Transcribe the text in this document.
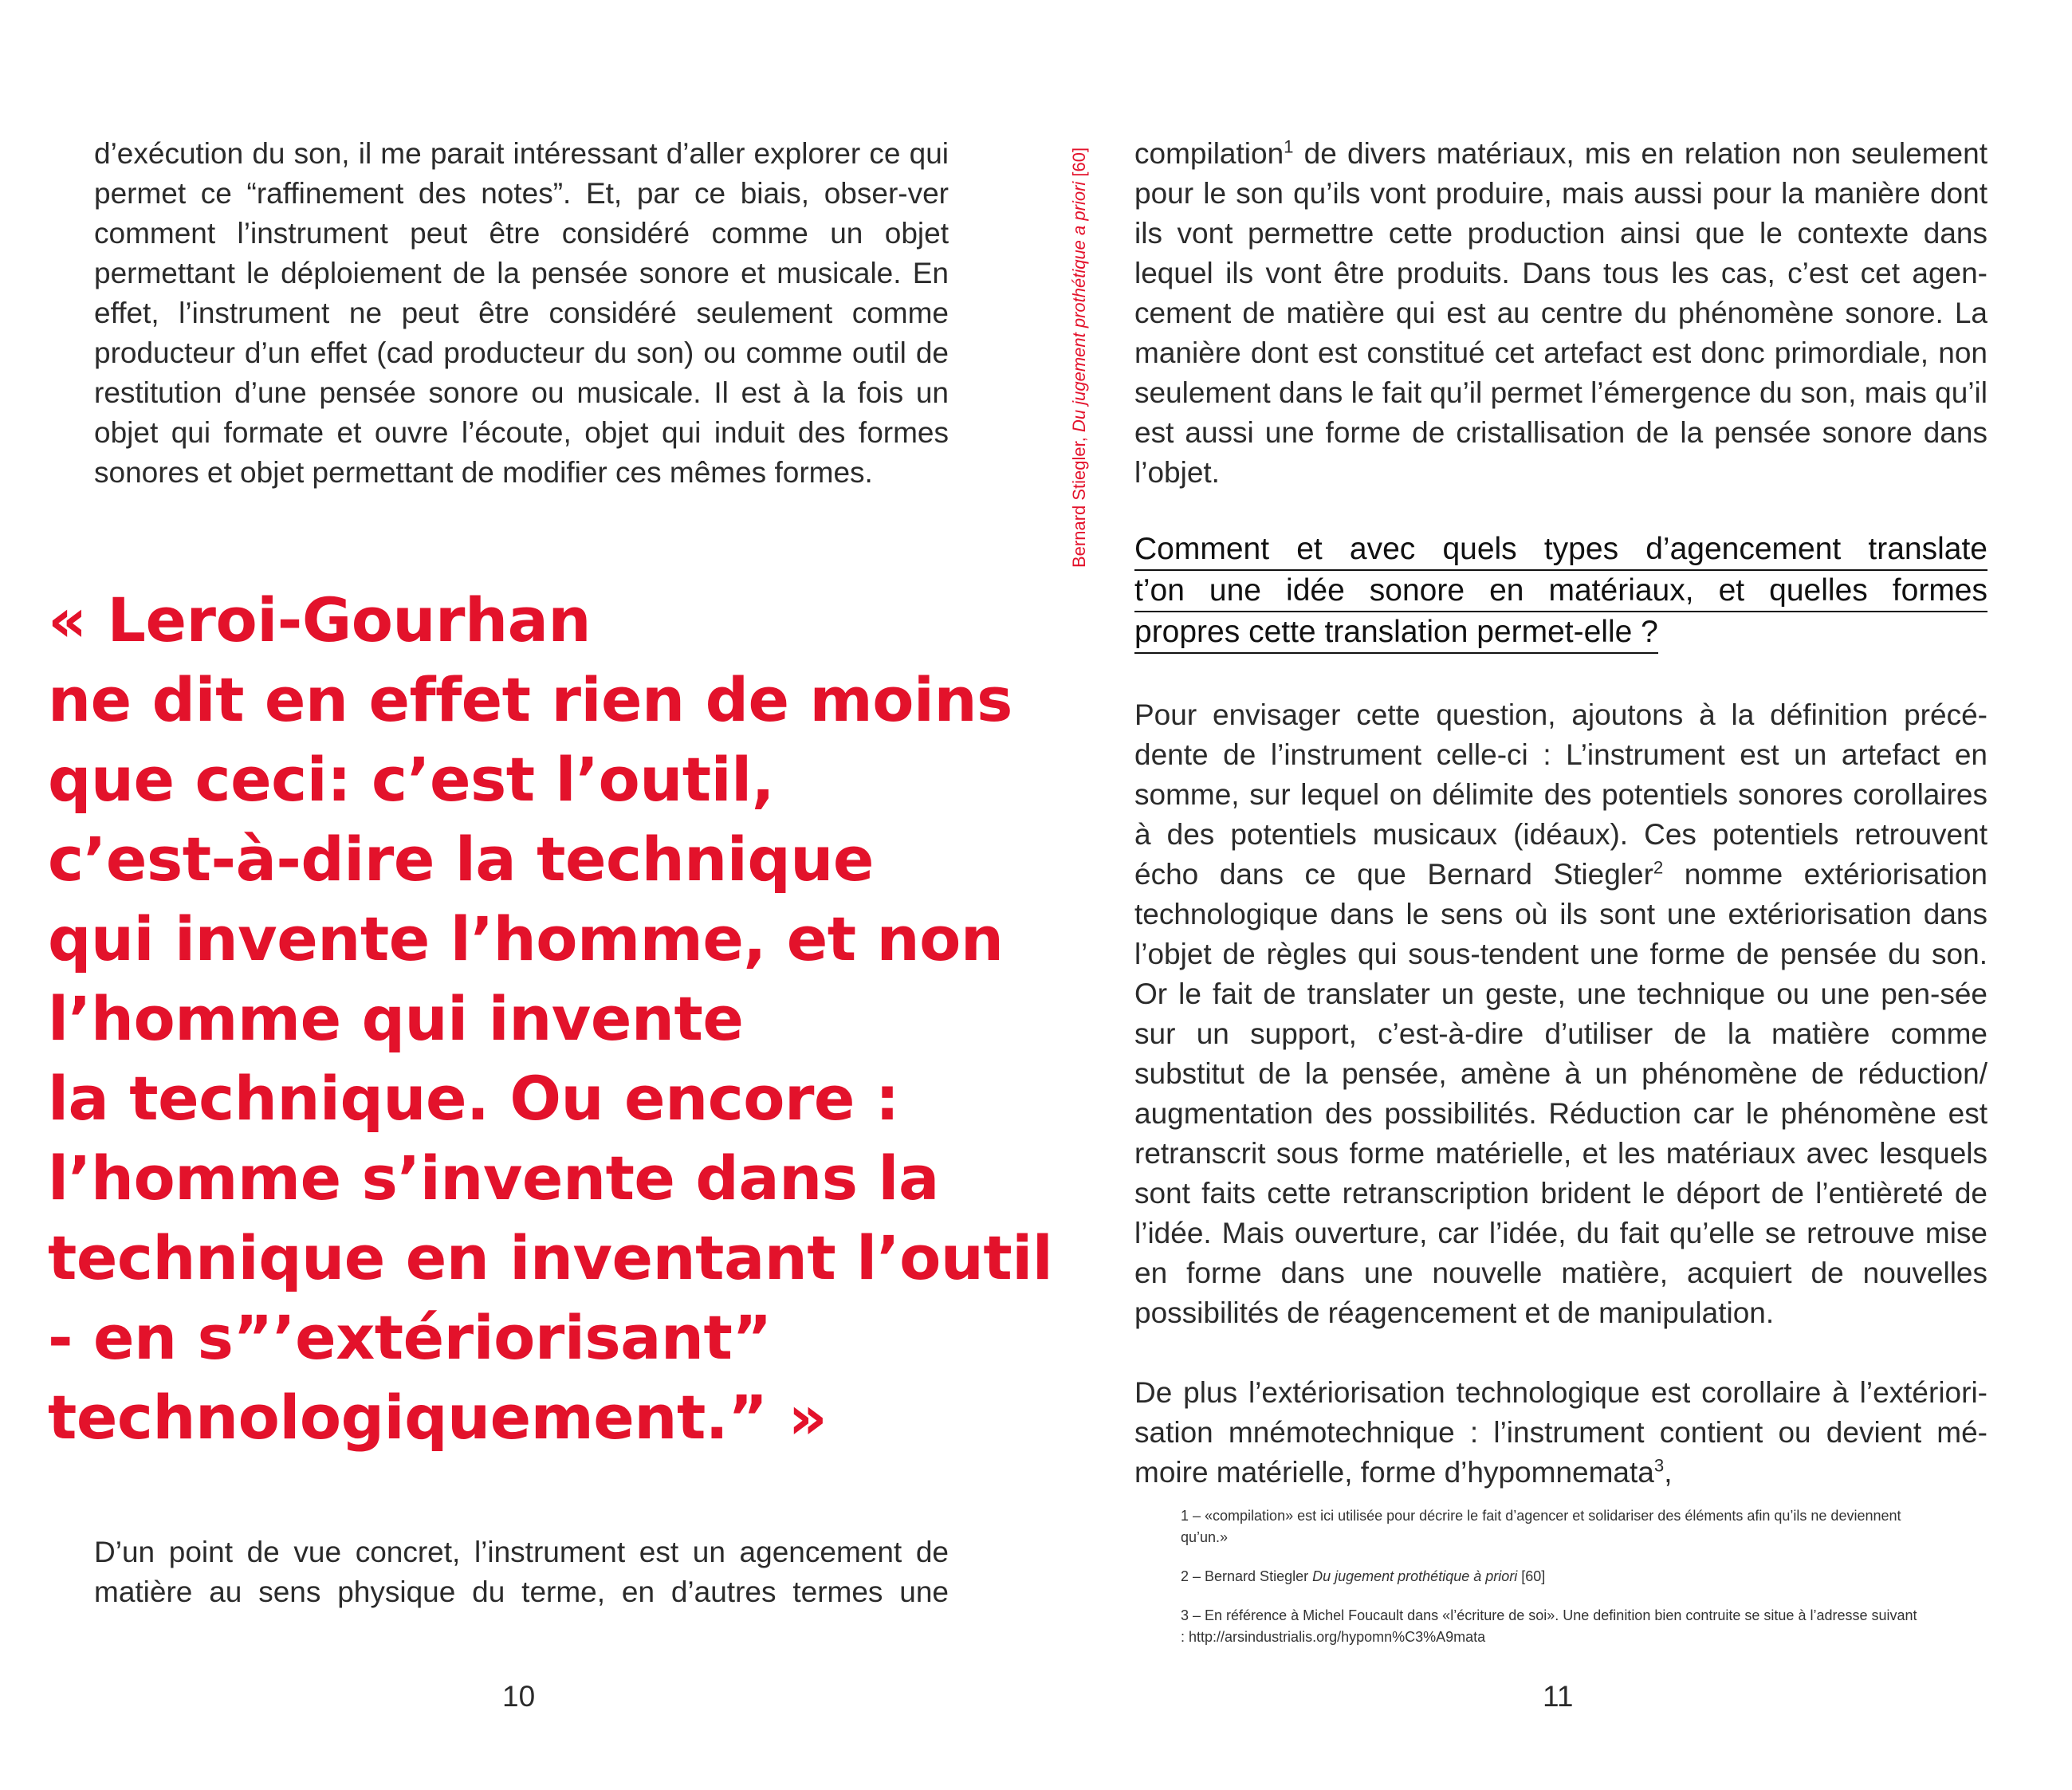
d’exécution du son, il me parait intéressant d’aller explorer ce qui permet ce “raffinement des notes”. Et, par ce biais, obser-ver comment l’instrument peut être considéré comme un objet permettant le déploiement de la pensée sonore et musicale. En effet, l’instrument ne peut être considéré seulement comme producteur d’un effet (cad producteur du son) ou comme outil de restitution d’une pensée sonore ou musicale. Il est à la fois un objet qui formate et ouvre l’écoute, objet qui induit des formes sonores et objet permettant de modifier ces mêmes formes.

« Leroi-Gourhan
ne dit en effet rien de moins
que ceci: c’est l’outil,
c’est-à-dire la technique
qui invente l’homme, et non
l’homme qui invente
la technique. Ou encore :
l’homme s’invente dans la
technique en inventant l’outil
- en s”’extériorisant”
technologiquement.” »

D’un point de vue concret, l’instrument est un agencement de matière au sens physique du terme, en d’autres termes une

10
Bernard Stiegler, Du jugement prothétique a priori [60] compilation$^1$ de divers matériaux, mis en relation non seulement pour le son qu’ils vont produire, mais aussi pour la manière dont ils vont permettre cette production ainsi que le contexte dans lequel ils vont être produits. Dans tous les cas, c’est cet agen-cement de matière qui est au centre du phénomène sonore. La manière dont est constitué cet artefact est donc primordiale, non seulement dans le fait qu’il permet l’émergence du son, mais qu’il est aussi une forme de cristallisation de la pensée sonore dans l’objet.

Comment et avec quels types d’agencement translate
t’on une idée sonore en matériaux, et quelles formes
propres cette translation permet-elle ?

Pour envisager cette question, ajoutons à la définition précé-dente de l’instrument celle-ci : L’instrument est un artefact en somme, sur lequel on délimite des potentiels sonores corollaires à des potentiels musicaux (idéaux). Ces potentiels retrouvent écho dans ce que Bernard Stiegler$^2$ nomme extériorisation technologique dans le sens où ils sont une extériorisation dans l’objet de règles qui sous-tendent une forme de pensée du son. Or le fait de translater un geste, une technique ou une pen-sée sur un support, c’est-à-dire d’utiliser de la matière comme substitut de la pensée, amène à un phénomène de réduction/ augmentation des possibilités. Réduction car le phénomène est retranscrit sous forme matérielle, et les matériaux avec lesquels sont faits cette retranscription brident le déport de l’entièreté de l’idée. Mais ouverture, car l’idée, du fait qu’elle se retrouve mise en forme dans une nouvelle matière, acquiert de nouvelles possibilités de réagencement et de manipulation.

De plus l’extériorisation technologique est corollaire à l’extériori-sation mnémotechnique : l’instrument contient ou devient mé-moire matérielle, forme d’hypomnemata$^3$,

1 – «compilation» est ici utilisée pour décrire le fait d’agencer et solidariser des éléments afin qu’ils ne deviennent qu’un.»

2 – Bernard Stiegler Du jugement prothétique à priori [60]

3 – En référence à Michel Foucault dans «l’écriture de soi». Une definition bien contruite se situe à l’adresse suivant : http://arsindustrialis.org/hypomn%C3%A9mata

11
